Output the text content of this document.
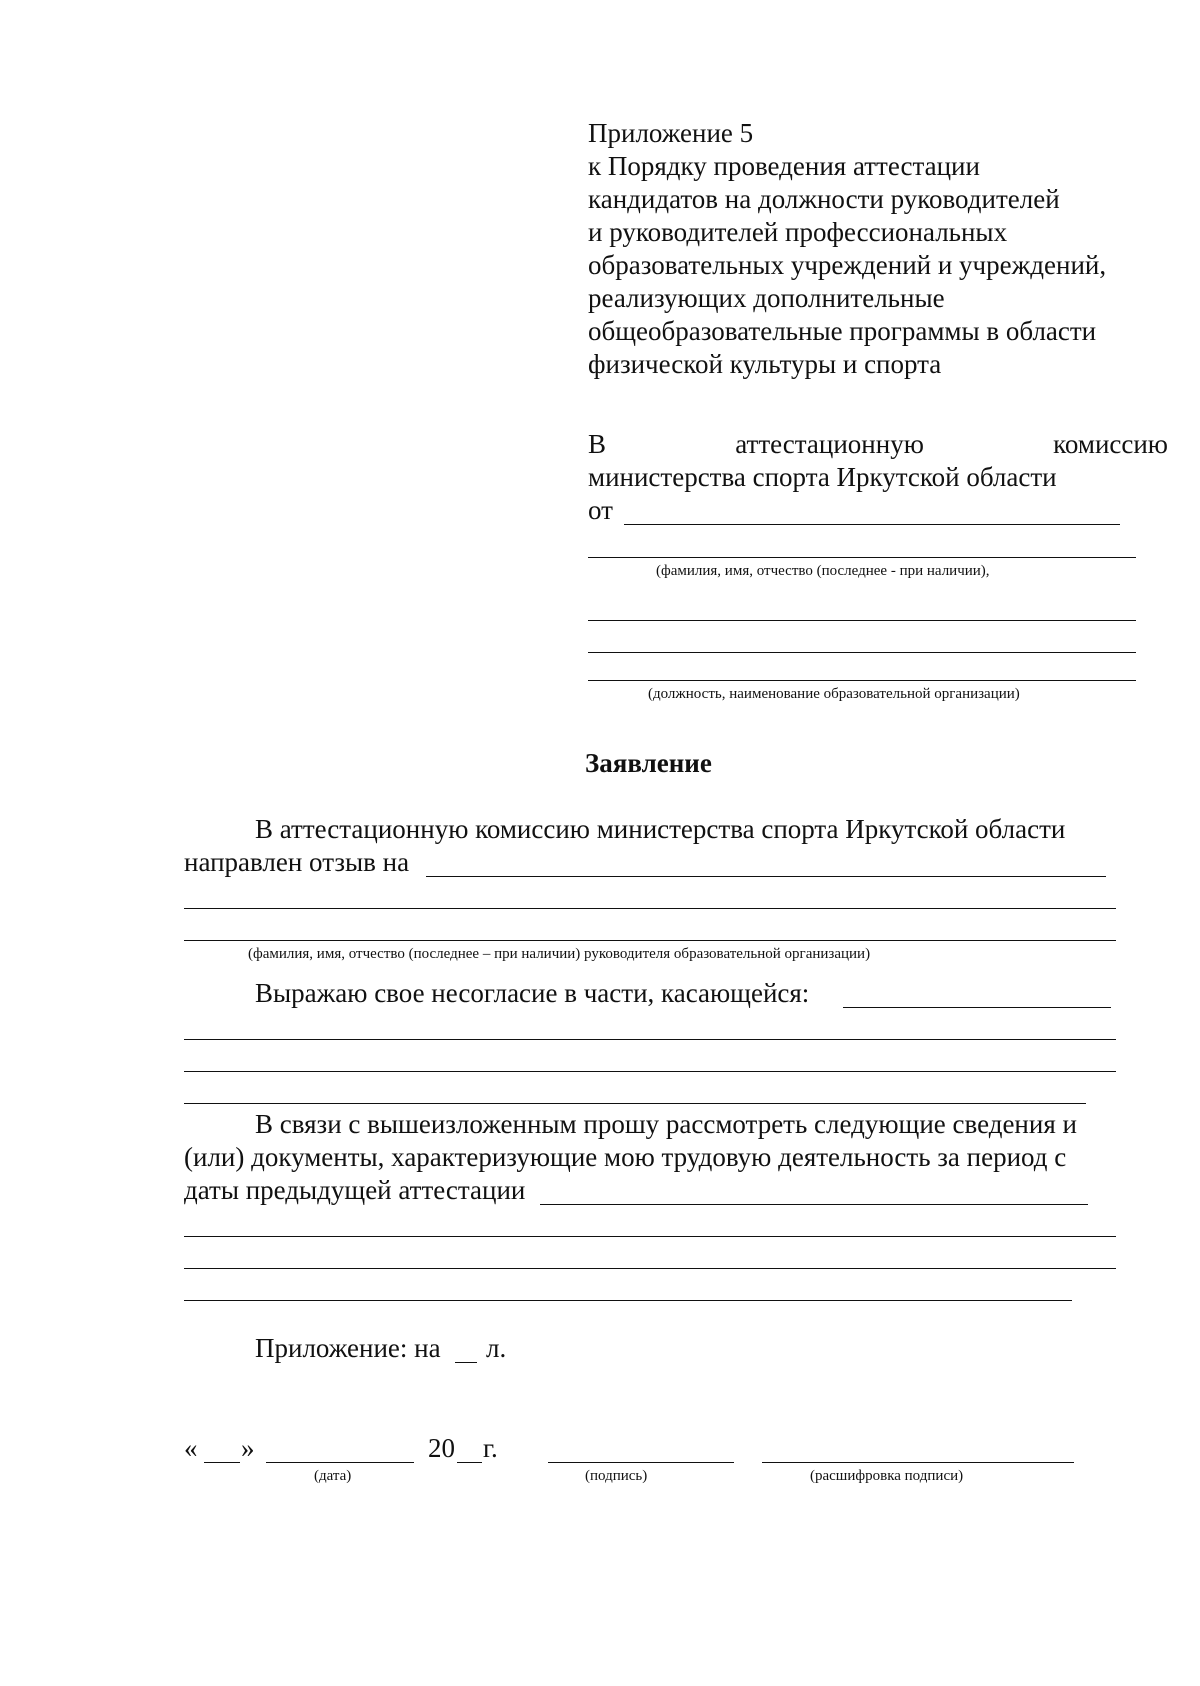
Приложение 5
к Порядку проведения аттестации
кандидатов на должности руководителей
и руководителей профессиональных
образовательных учреждений и учреждений,
реализующих дополнительные
общеобразовательные программы в области
физической культуры и спорта
В	аттестационную	комиссию
министерства спорта Иркутской области
от
(фамилия, имя, отчество (последнее - при наличии),
(должность, наименование образовательной организации)
Заявление
В аттестационную комиссию министерства спорта Иркутской области
направлен отзыв на
(фамилия, имя, отчество (последнее – при наличии) руководителя образовательной организации)
Выражаю свое несогласие в части, касающейся:
В связи с вышеизложенным прошу рассмотреть следующие сведения и
(или) документы, характеризующие мою трудовую деятельность за период с
даты предыдущей аттестации
Приложение: на л.
« »	20 г.
(дата)	(подпись)	(расшифровка подписи)
